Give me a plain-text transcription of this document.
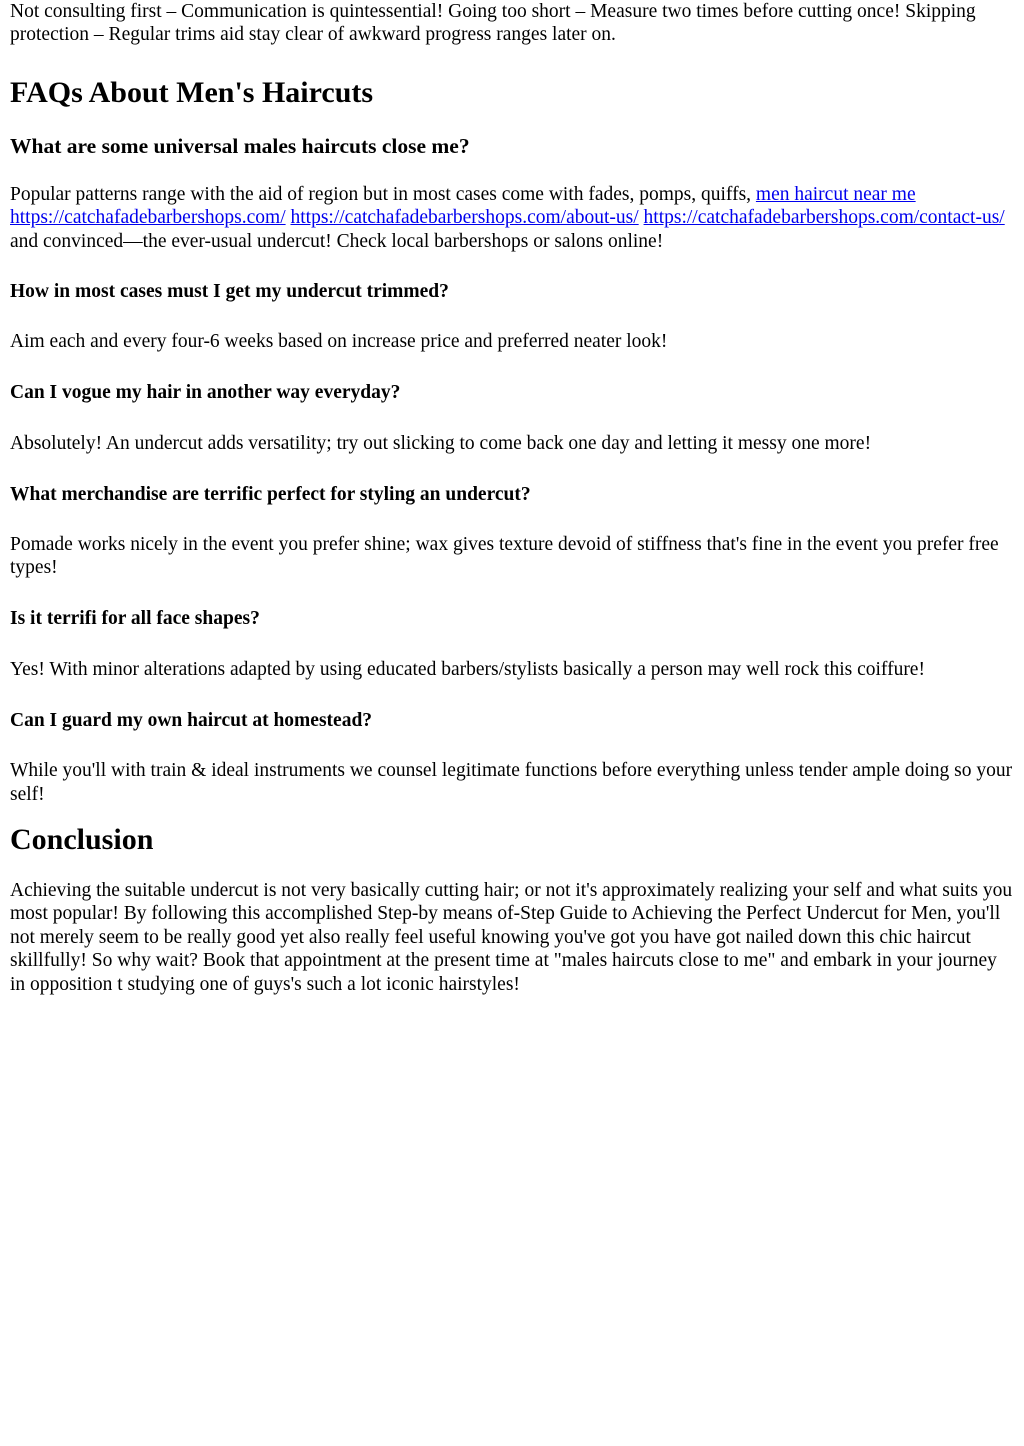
Not consulting first – Communication is quintessential! Going too short – Measure two times before cutting once! Skipping protection – Regular trims aid stay clear of awkward progress ranges later on.

FAQs About Men's Haircuts
What are some universal males haircuts close me?

Popular patterns range with the aid of region but in most cases come with fades, pomps, quiffs, men haircut near me https://catchafadebarbershops.com/ https://catchafadebarbershops.com/about-us/ https://catchafadebarbershops.com/contact-us/ and convinced—the ever-usual undercut! Check local barbershops or salons online!

How in most cases must I get my undercut trimmed?

Aim each and every four-6 weeks based on increase price and preferred neater look!

Can I vogue my hair in another way everyday?

Absolutely! An undercut adds versatility; try out slicking to come back one day and letting it messy one more!

What merchandise are terrific perfect for styling an undercut?

Pomade works nicely in the event you prefer shine; wax gives texture devoid of stiffness that's fine in the event you prefer free types!

Is it terrifi for all face shapes?

Yes! With minor alterations adapted by using educated barbers/stylists basically a person may well rock this coiffure!

Can I guard my own haircut at homestead?

While you'll with train & ideal instruments we counsel legitimate functions before everything unless tender ample doing so your self!

Conclusion

Achieving the suitable undercut is not very basically cutting hair; or not it's approximately realizing your self and what suits you most popular! By following this accomplished Step-by means of-Step Guide to Achieving the Perfect Undercut for Men, you'll not merely seem to be really good yet also really feel useful knowing you've got you have got nailed down this chic haircut skillfully! So why wait? Book that appointment at the present time at "males haircuts close to me" and embark in your journey in opposition t studying one of guys's such a lot iconic hairstyles!
